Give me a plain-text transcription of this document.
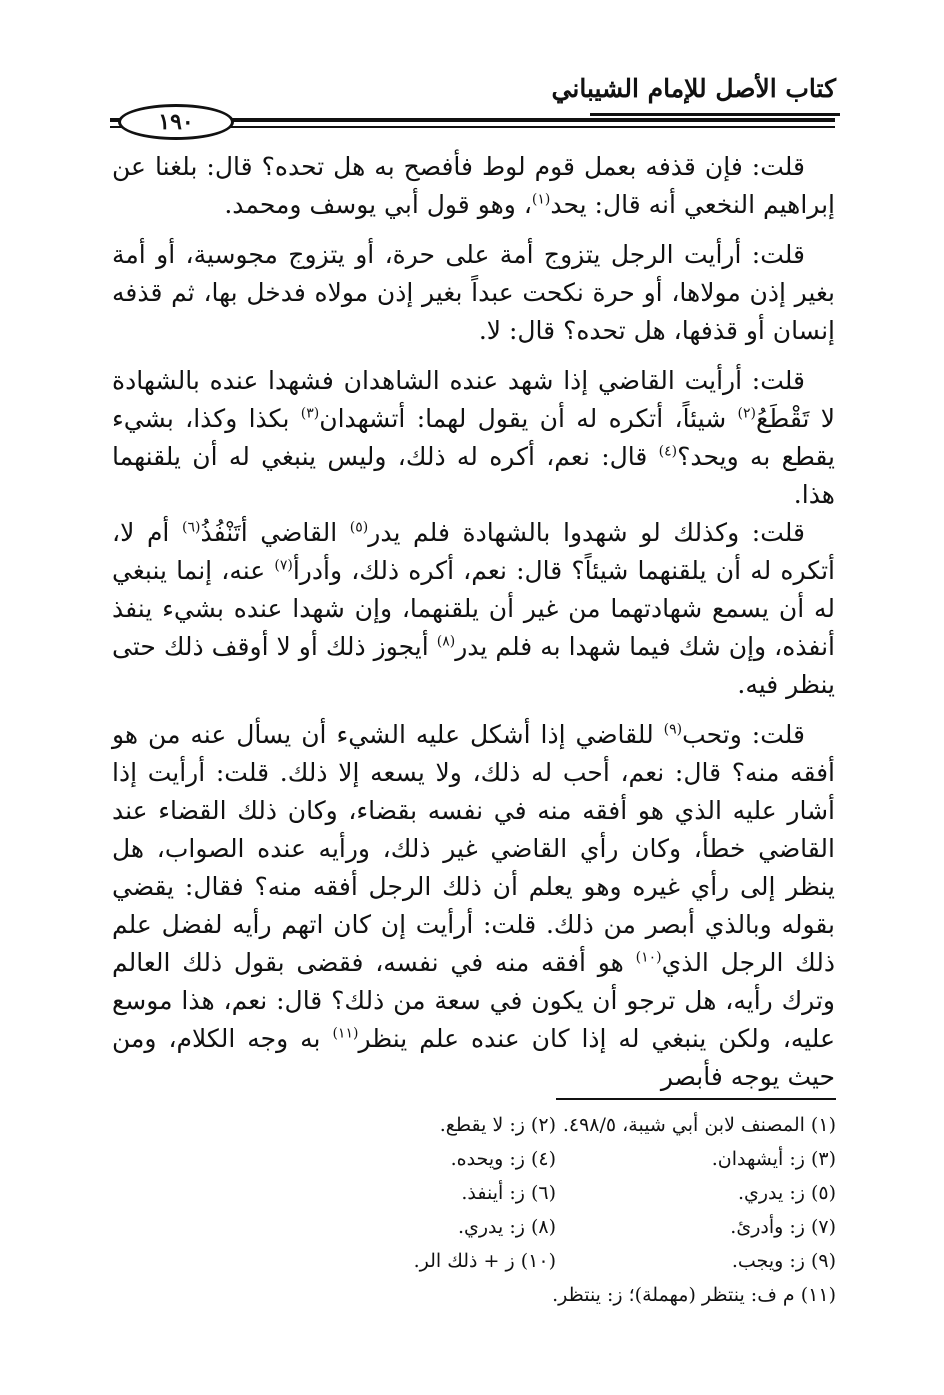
كتاب الأصل للإمام الشيباني
١٩٠

قلت: فإن قذفه بعمل قوم لوط فأفصح به هل تحده؟ قال: بلغنا عن إبراهيم النخعي أنه قال: يحد$^{(١)}$، وهو قول أبي يوسف ومحمد.

قلت: أرأيت الرجل يتزوج أمة على حرة، أو يتزوج مجوسية، أو أمة بغير إذن مولاها، أو حرة نكحت عبداً بغير إذن مولاه فدخل بها، ثم قذفه إنسان أو قذفها، هل تحده؟ قال: لا.

قلت: أرأيت القاضي إذا شهد عنده الشاهدان فشهدا عنده بالشهادة لا تَقْطَعُ$^{(٢)}$ شيئاً، أتكره له أن يقول لهما: أتشهدان$^{(٣)}$ بكذا وكذا، بشيء يقطع به ويحد؟$^{(٤)}$ قال: نعم، أكره له ذلك، وليس ينبغي له أن يلقنهما هذا.

قلت: وكذلك لو شهدوا بالشهادة فلم يدر$^{(٥)}$ القاضي أتَنْفُذُ$^{(٦)}$ أم لا، أتكره له أن يلقنهما شيئاً؟ قال: نعم، أكره ذلك، وأدرأ$^{(٧)}$ عنه، إنما ينبغي له أن يسمع شهادتهما من غير أن يلقنهما، وإن شهدا عنده بشيء ينفذ أنفذه، وإن شك فيما شهدا به فلم يدر$^{(٨)}$ أيجوز ذلك أو لا أوقف ذلك حتى ينظر فيه.

قلت: وتحب$^{(٩)}$ للقاضي إذا أشكل عليه الشيء أن يسأل عنه من هو أفقه منه؟ قال: نعم، أحب له ذلك، ولا يسعه إلا ذلك. قلت: أرأيت إذا أشار عليه الذي هو أفقه منه في نفسه بقضاء، وكان ذلك القضاء عند القاضي خطأ، وكان رأي القاضي غير ذلك، ورأيه عنده الصواب، هل ينظر إلى رأي غيره وهو يعلم أن ذلك الرجل أفقه منه؟ فقال: يقضي بقوله وبالذي أبصر من ذلك. قلت: أرأيت إن كان اتهم رأيه لفضل علم ذلك الرجل الذي$^{(١٠)}$ هو أفقه منه في نفسه، فقضى بقول ذلك العالم وترك رأيه، هل ترجو أن يكون في سعة من ذلك؟ قال: نعم، هذا موسع عليه، ولكن ينبغي له إذا كان عنده علم ينظر$^{(١١)}$ به وجه الكلام، ومن حيث يوجه فأبصر

(١) المصنف لابن أبي شيبة، ٤٩٨/٥.
(٢) ز: لا يقطع.
(٣) ز: أيشهدان.
(٤) ز: ويحده.
(٥) ز: يدري.
(٦) ز: أينفذ.
(٧) ز: وأدرئ.
(٨) ز: يدري.
(٩) ز: ويجب.
(١٠) ز + ذلك الر.
(١١) م ف: ينتظر (مهملة)؛ ز: ينتظر.
